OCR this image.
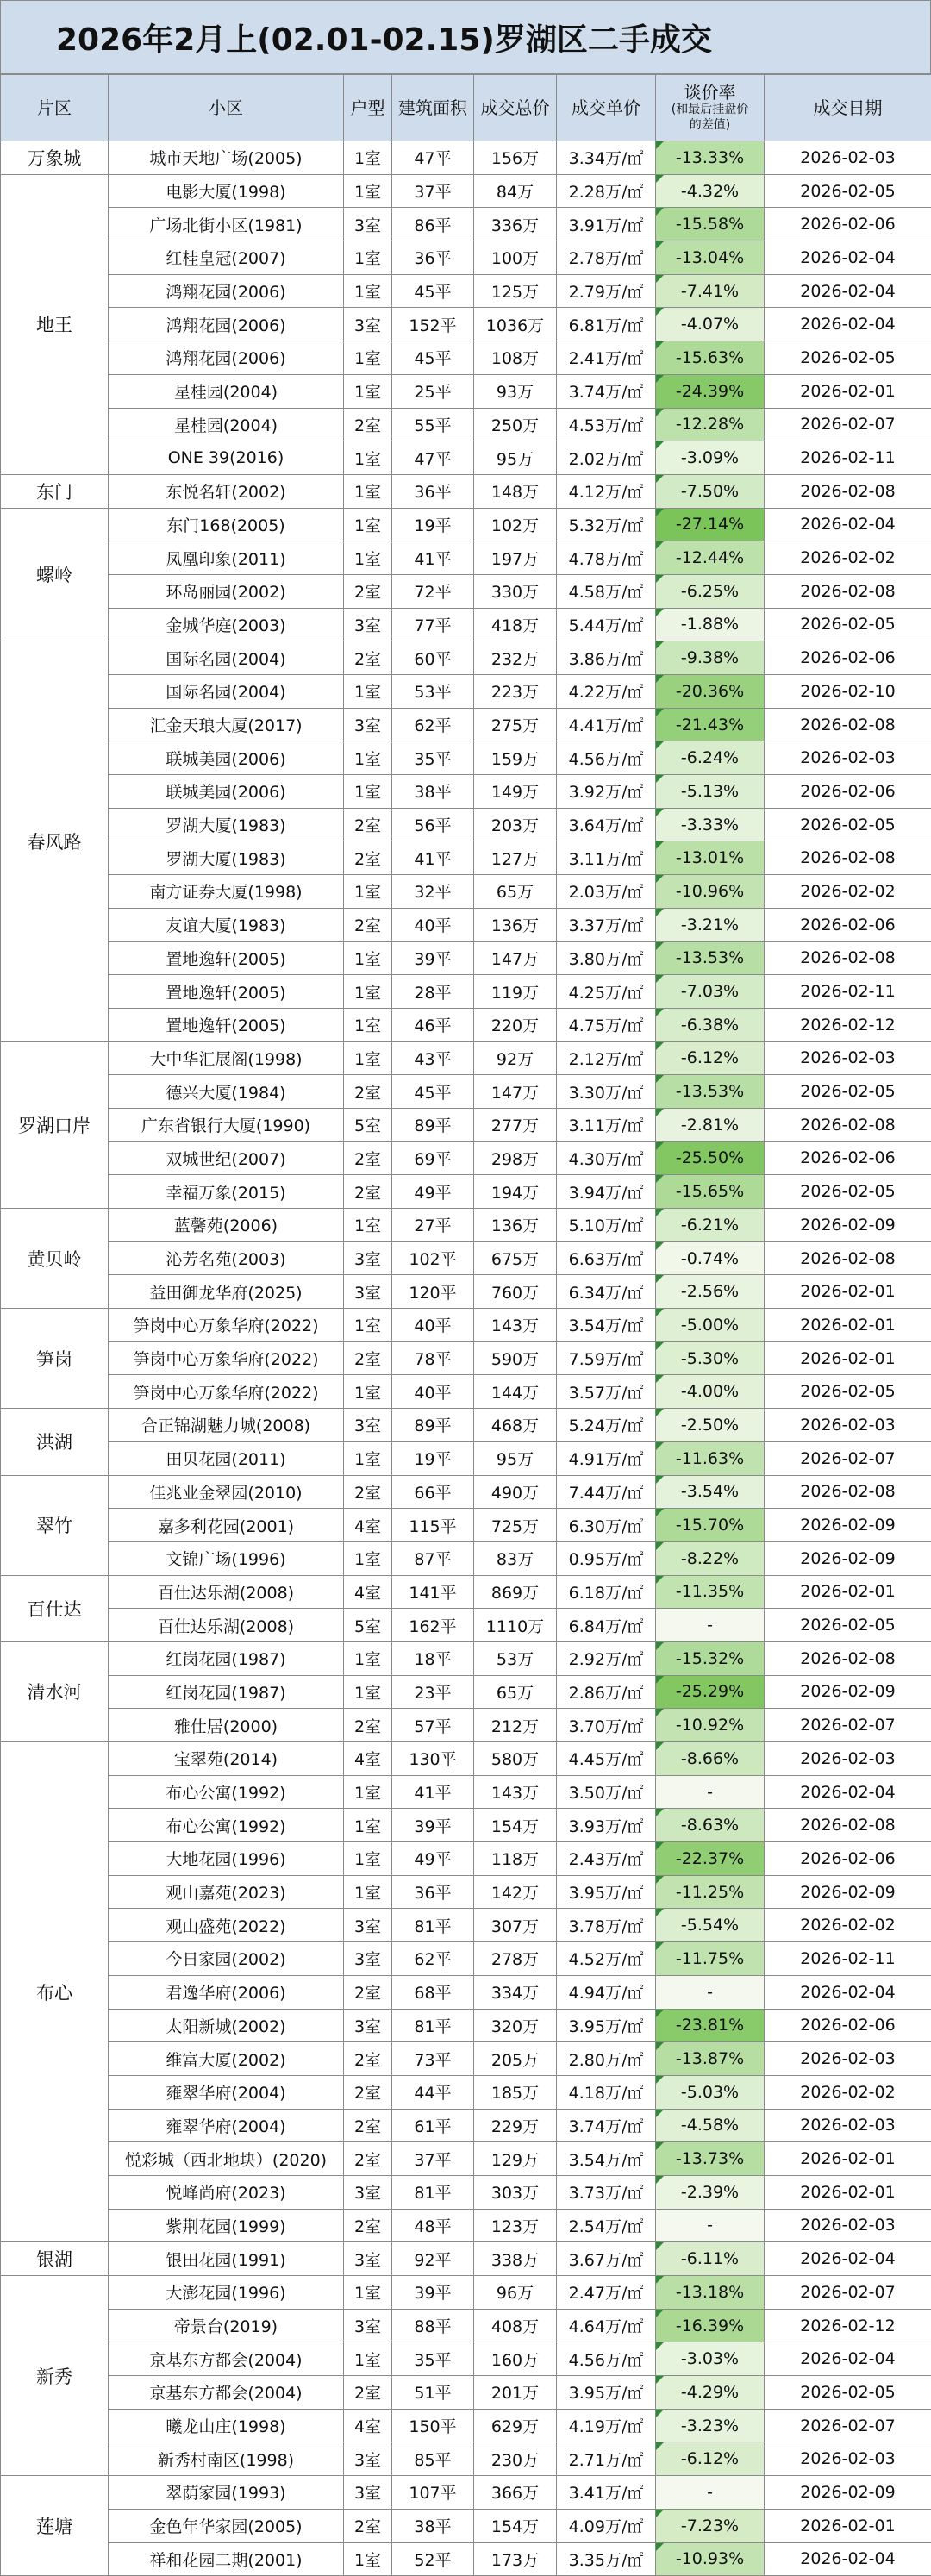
2026年2月上(02.01-02.15)罗湖区二手成交
片区	小区	户型	建筑面积	成交总价	成交单价	谈价率
(和最后挂盘价
的差值)	成交日期
万象城	城市天地广场(2005)	1室	47平	156万	3.34万/㎡	-13.33%	2026-02-03
地王	电影大厦(1998)	1室	37平	84万	2.28万/㎡	-4.32%	2026-02-05
	广场北街小区(1981)	3室	86平	336万	3.91万/㎡	-15.58%	2026-02-06
	红桂皇冠(2007)	1室	36平	100万	2.78万/㎡	-13.04%	2026-02-04
	鸿翔花园(2006)	1室	45平	125万	2.79万/㎡	-7.41%	2026-02-04
	鸿翔花园(2006)	3室	152平	1036万	6.81万/㎡	-4.07%	2026-02-04
	鸿翔花园(2006)	1室	45平	108万	2.41万/㎡	-15.63%	2026-02-05
	星桂园(2004)	1室	25平	93万	3.74万/㎡	-24.39%	2026-02-01
	星桂园(2004)	2室	55平	250万	4.53万/㎡	-12.28%	2026-02-07
	ONE 39(2016)	1室	47平	95万	2.02万/㎡	-3.09%	2026-02-11
东门	东悦名轩(2002)	1室	36平	148万	4.12万/㎡	-7.50%	2026-02-08
螺岭	东门168(2005)	1室	19平	102万	5.32万/㎡	-27.14%	2026-02-04
	凤凰印象(2011)	1室	41平	197万	4.78万/㎡	-12.44%	2026-02-02
	环岛丽园(2002)	2室	72平	330万	4.58万/㎡	-6.25%	2026-02-08
	金城华庭(2003)	3室	77平	418万	5.44万/㎡	-1.88%	2026-02-05
春风路	国际名园(2004)	2室	60平	232万	3.86万/㎡	-9.38%	2026-02-06
	国际名园(2004)	1室	53平	223万	4.22万/㎡	-20.36%	2026-02-10
	汇金天琅大厦(2017)	3室	62平	275万	4.41万/㎡	-21.43%	2026-02-08
	联城美园(2006)	1室	35平	159万	4.56万/㎡	-6.24%	2026-02-03
	联城美园(2006)	1室	38平	149万	3.92万/㎡	-5.13%	2026-02-06
	罗湖大厦(1983)	2室	56平	203万	3.64万/㎡	-3.33%	2026-02-05
	罗湖大厦(1983)	2室	41平	127万	3.11万/㎡	-13.01%	2026-02-08
	南方证券大厦(1998)	1室	32平	65万	2.03万/㎡	-10.96%	2026-02-02
	友谊大厦(1983)	2室	40平	136万	3.37万/㎡	-3.21%	2026-02-06
	置地逸轩(2005)	1室	39平	147万	3.80万/㎡	-13.53%	2026-02-08
	置地逸轩(2005)	1室	28平	119万	4.25万/㎡	-7.03%	2026-02-11
	置地逸轩(2005)	1室	46平	220万	4.75万/㎡	-6.38%	2026-02-12
罗湖口岸	大中华汇展阁(1998)	1室	43平	92万	2.12万/㎡	-6.12%	2026-02-03
	德兴大厦(1984)	2室	45平	147万	3.30万/㎡	-13.53%	2026-02-05
	广东省银行大厦(1990)	5室	89平	277万	3.11万/㎡	-2.81%	2026-02-08
	双城世纪(2007)	2室	69平	298万	4.30万/㎡	-25.50%	2026-02-06
	幸福万象(2015)	2室	49平	194万	3.94万/㎡	-15.65%	2026-02-05
黄贝岭	蓝馨苑(2006)	1室	27平	136万	5.10万/㎡	-6.21%	2026-02-09
	沁芳名苑(2003)	3室	102平	675万	6.63万/㎡	-0.74%	2026-02-08
	益田御龙华府(2025)	3室	120平	760万	6.34万/㎡	-2.56%	2026-02-01
笋岗	笋岗中心万象华府(2022)	1室	40平	143万	3.54万/㎡	-5.00%	2026-02-01
	笋岗中心万象华府(2022)	2室	78平	590万	7.59万/㎡	-5.30%	2026-02-01
	笋岗中心万象华府(2022)	1室	40平	144万	3.57万/㎡	-4.00%	2026-02-05
洪湖	合正锦湖魅力城(2008)	3室	89平	468万	5.24万/㎡	-2.50%	2026-02-03
	田贝花园(2011)	1室	19平	95万	4.91万/㎡	-11.63%	2026-02-07
翠竹	佳兆业金翠园(2010)	2室	66平	490万	7.44万/㎡	-3.54%	2026-02-08
	嘉多利花园(2001)	4室	115平	725万	6.30万/㎡	-15.70%	2026-02-09
	文锦广场(1996)	1室	87平	83万	0.95万/㎡	-8.22%	2026-02-09
百仕达	百仕达乐湖(2008)	4室	141平	869万	6.18万/㎡	-11.35%	2026-02-01
	百仕达乐湖(2008)	5室	162平	1110万	6.84万/㎡	-	2026-02-05
清水河	红岗花园(1987)	1室	18平	53万	2.92万/㎡	-15.32%	2026-02-08
	红岗花园(1987)	1室	23平	65万	2.86万/㎡	-25.29%	2026-02-09
	雅仕居(2000)	2室	57平	212万	3.70万/㎡	-10.92%	2026-02-07
布心	宝翠苑(2014)	4室	130平	580万	4.45万/㎡	-8.66%	2026-02-03
	布心公寓(1992)	1室	41平	143万	3.50万/㎡	-	2026-02-04
	布心公寓(1992)	1室	39平	154万	3.93万/㎡	-8.63%	2026-02-08
	大地花园(1996)	1室	49平	118万	2.43万/㎡	-22.37%	2026-02-06
	观山嘉苑(2023)	1室	36平	142万	3.95万/㎡	-11.25%	2026-02-09
	观山盛苑(2022)	3室	81平	307万	3.78万/㎡	-5.54%	2026-02-02
	今日家园(2002)	3室	62平	278万	4.52万/㎡	-11.75%	2026-02-11
	君逸华府(2006)	2室	68平	334万	4.94万/㎡	-	2026-02-04
	太阳新城(2002)	3室	81平	320万	3.95万/㎡	-23.81%	2026-02-06
	维富大厦(2002)	2室	73平	205万	2.80万/㎡	-13.87%	2026-02-03
	雍翠华府(2004)	2室	44平	185万	4.18万/㎡	-5.03%	2026-02-02
	雍翠华府(2004)	2室	61平	229万	3.74万/㎡	-4.58%	2026-02-03
	悦彩城（西北地块）(2020)	2室	37平	129万	3.54万/㎡	-13.73%	2026-02-01
	悦峰尚府(2023)	3室	81平	303万	3.73万/㎡	-2.39%	2026-02-01
	紫荆花园(1999)	2室	48平	123万	2.54万/㎡	-	2026-02-03
银湖	银田花园(1991)	3室	92平	338万	3.67万/㎡	-6.11%	2026-02-04
新秀	大澎花园(1996)	1室	39平	96万	2.47万/㎡	-13.18%	2026-02-07
	帝景台(2019)	3室	88平	408万	4.64万/㎡	-16.39%	2026-02-12
	京基东方都会(2004)	1室	35平	160万	4.56万/㎡	-3.03%	2026-02-04
	京基东方都会(2004)	2室	51平	201万	3.95万/㎡	-4.29%	2026-02-05
	曦龙山庄(1998)	4室	150平	629万	4.19万/㎡	-3.23%	2026-02-07
	新秀村南区(1998)	3室	85平	230万	2.71万/㎡	-6.12%	2026-02-03
莲塘	翠荫家园(1993)	3室	107平	366万	3.41万/㎡	-	2026-02-09
	金色年华家园(2005)	2室	38平	154万	4.09万/㎡	-7.23%	2026-02-01
	祥和花园二期(2001)	1室	52平	173万	3.35万/㎡	-10.93%	2026-02-04
